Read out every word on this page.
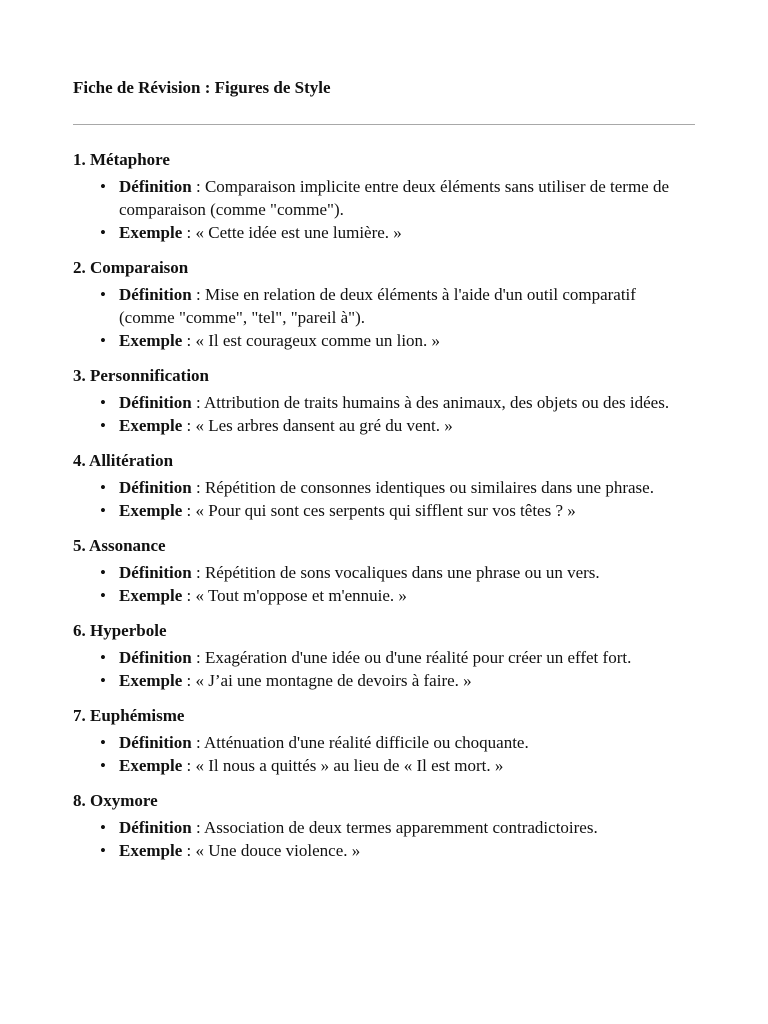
Fiche de Révision : Figures de Style
1. Métaphore
• Définition : Comparaison implicite entre deux éléments sans utiliser de terme de comparaison (comme "comme").
• Exemple : « Cette idée est une lumière. »
2. Comparaison
• Définition : Mise en relation de deux éléments à l'aide d'un outil comparatif (comme "comme", "tel", "pareil à").
• Exemple : « Il est courageux comme un lion. »
3. Personnification
• Définition : Attribution de traits humains à des animaux, des objets ou des idées.
• Exemple : « Les arbres dansent au gré du vent. »
4. Allitération
• Définition : Répétition de consonnes identiques ou similaires dans une phrase.
• Exemple : « Pour qui sont ces serpents qui sifflent sur vos têtes ? »
5. Assonance
• Définition : Répétition de sons vocaliques dans une phrase ou un vers.
• Exemple : « Tout m'oppose et m'ennuie. »
6. Hyperbole
• Définition : Exagération d'une idée ou d'une réalité pour créer un effet fort.
• Exemple : « J’ai une montagne de devoirs à faire. »
7. Euphémisme
• Définition : Atténuation d'une réalité difficile ou choquante.
• Exemple : « Il nous a quittés » au lieu de « Il est mort. »
8. Oxymore
• Définition : Association de deux termes apparemment contradictoires.
• Exemple : « Une douce violence. »
